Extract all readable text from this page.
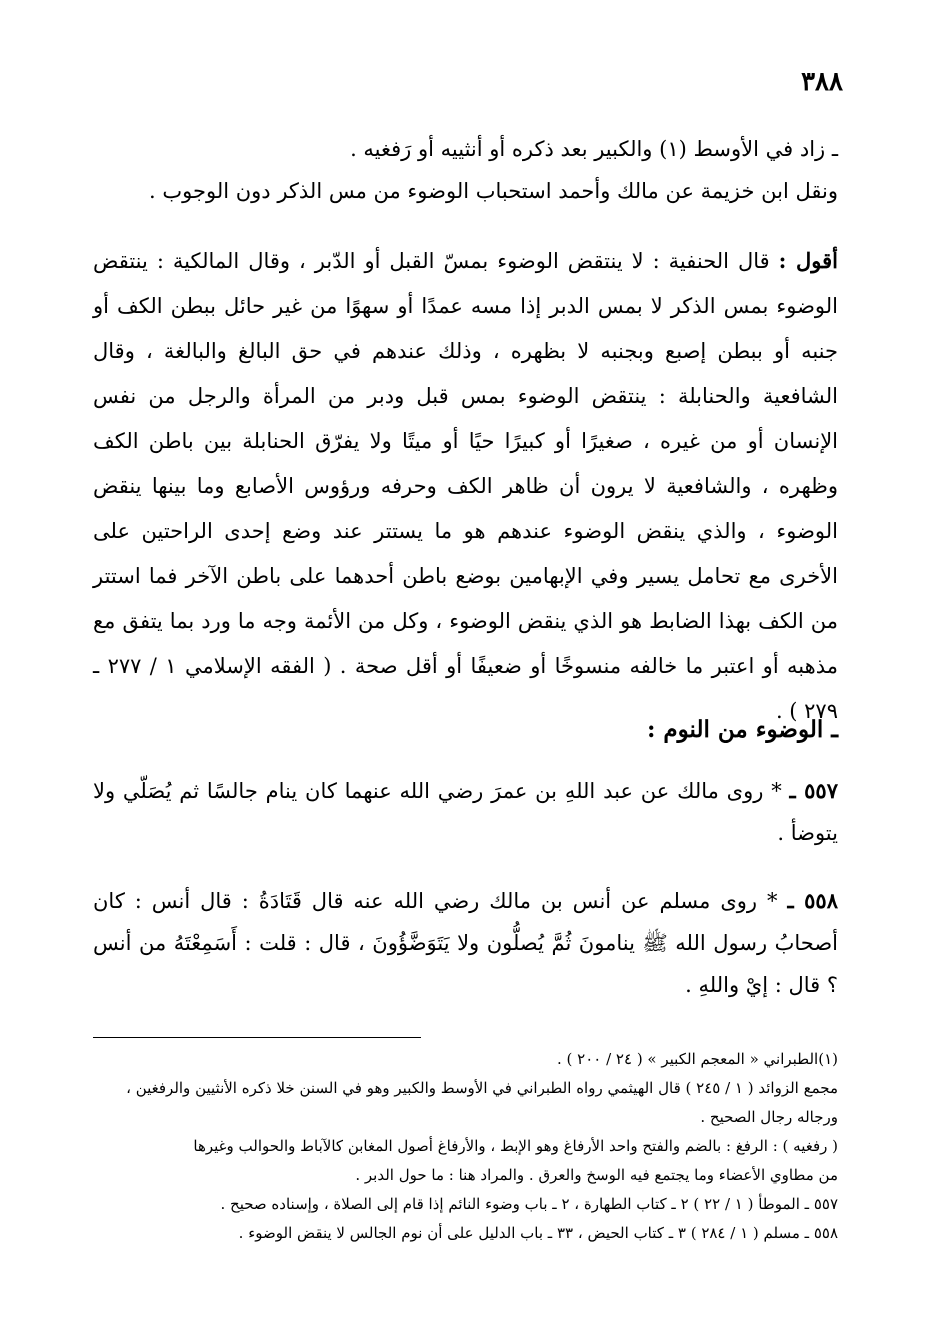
٣٨٨
ـ زاد في الأوسط (١) والكبير بعد ذكره أو أنثييه أو رَفغيه .
ونقل ابن خزيمة عن مالك وأحمد استحباب الوضوء من مس الذكر دون الوجوب .
أقول : قال الحنفية : لا ينتقض الوضوء بمسّ القبل أو الدّبر ، وقال المالكية : ينتقض الوضوء بمس الذكر لا بمس الدبر إذا مسه عمدًا أو سهوًا من غير حائل ببطن الكف أو جنبه أو ببطن إصبع وبجنبه لا بظهره ، وذلك عندهم في حق البالغ والبالغة ، وقال الشافعية والحنابلة : ينتقض الوضوء بمس قبل ودبر من المرأة والرجل من نفس الإنسان أو من غيره ، صغيرًا أو كبيرًا حيًا أو ميتًا ولا يفرّق الحنابلة بين باطن الكف وظهره ، والشافعية لا يرون أن ظاهر الكف وحرفه ورؤوس الأصابع وما بينها ينقض الوضوء ، والذي ينقض الوضوء عندهم هو ما يستتر عند وضع إحدى الراحتين على الأخرى مع تحامل يسير وفي الإبهامين بوضع باطن أحدهما على باطن الآخر فما استتر من الكف بهذا الضابط هو الذي ينقض الوضوء ، وكل من الأئمة وجه ما ورد بما يتفق مع مذهبه أو اعتبر ما خالفه منسوخًا أو ضعيفًا أو أقل صحة . ( الفقه الإسلامي ١ / ٢٧٧ ـ ٢٧٩ ) .
ـ الوضوء من النوم :
٥٥٧ ـ * روى مالك عن عبد اللهِ بن عمرَ رضي الله عنهما كان ينام جالسًا ثم يُصَلّي ولا يتوضأ .
٥٥٨ ـ * روى مسلم عن أنس بن مالك رضي الله عنه قال قَتَادَةُ : قال أنس : كان أصحابُ رسول الله ﷺ ينامونَ ثُمَّ يُصلُّون ولا يَتَوَضَّؤُونَ ، قال : قلت : أَسَمِعْتَهُ من أنس ؟ قال : إيْ واللهِ .
(١)الطبراني « المعجم الكبير » ( ٢٤ / ٢٠٠ ) .
مجمع الزوائد ( ١ / ٢٤٥ ) قال الهيثمي رواه الطبراني في الأوسط والكبير وهو في السنن خلا ذكره الأنثيين والرفغين ،
ورجاله رجال الصحيح .
( رفغيه ) : الرفغ : بالضم والفتح واحد الأرفاغ وهو الإبط ، والأرفاغ أصول المغابن كالآباط والحوالب وغيرها
من مطاوي الأعضاء وما يجتمع فيه الوسخ والعرق . والمراد هنا : ما حول الدبر .
٥٥٧ ـ الموطأ ( ١ / ٢٢ ) ٢ ـ كتاب الطهارة ، ٢ ـ باب وضوء النائم إذا قام إلى الصلاة ، وإسناده صحيح .
٥٥٨ ـ مسلم ( ١ / ٢٨٤ ) ٣ ـ كتاب الحيض ، ٣٣ ـ باب الدليل على أن نوم الجالس لا ينقض الوضوء .
